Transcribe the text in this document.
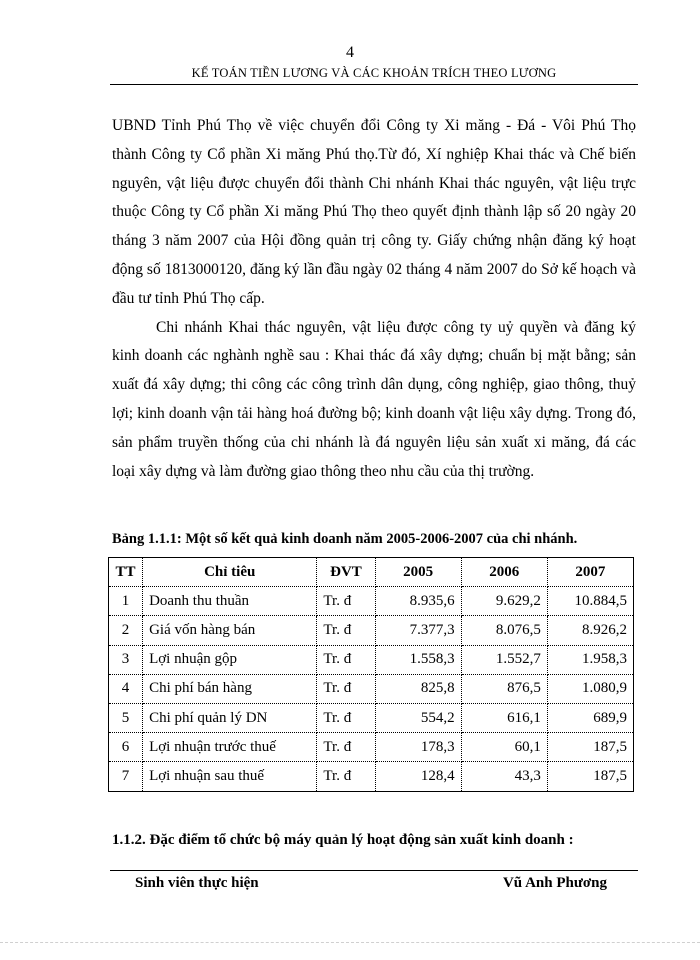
4
KẾ TOÁN TIỀN LƯƠNG VÀ CÁC KHOẢN TRÍCH THEO LƯƠNG

UBND Tỉnh Phú Thọ về việc chuyển đổi Công ty Xi măng - Đá - Vôi Phú Thọ thành Công ty Cổ phần Xi măng Phú thọ.Từ đó, Xí nghiệp Khai thác và Chế biến nguyên, vật liệu được chuyển đổi thành Chi nhánh Khai thác nguyên, vật liệu trực thuộc Công ty Cổ phần Xi măng Phú Thọ theo quyết định thành lập số 20 ngày 20 tháng 3 năm 2007 của Hội đồng quản trị công ty. Giấy chứng nhận đăng ký hoạt động số 1813000120, đăng ký lần đầu ngày 02 tháng 4 năm 2007 do Sở kế hoạch và đầu tư tỉnh Phú Thọ cấp.

Chi nhánh Khai thác nguyên, vật liệu được công ty uỷ quyền và đăng ký kinh doanh các nghành nghề sau : Khai thác đá xây dựng; chuẩn bị mặt bằng; sản xuất đá xây dựng; thi công các công trình dân dụng, công nghiệp, giao thông, thuỷ lợi; kinh doanh vận tải hàng hoá đường bộ; kinh doanh vật liệu xây dựng. Trong đó, sản phẩm truyền thống của chi nhánh là đá nguyên liệu sản xuất xi măng, đá các loại xây dựng và làm đường giao thông theo nhu cầu của thị trường.

Bảng 1.1.1: Một số kết quả kinh doanh năm 2005-2006-2007 của chi nhánh.
TT	Chỉ tiêu	ĐVT	2005	2006	2007
1	Doanh thu thuần	Tr. đ	8.935,6	9.629,2	10.884,5
2	Giá vốn hàng bán	Tr. đ	7.377,3	8.076,5	8.926,2
3	Lợi nhuận gộp	Tr. đ	1.558,3	1.552,7	1.958,3
4	Chi phí bán hàng	Tr. đ	825,8	876,5	1.080,9
5	Chi phí quản lý DN	Tr. đ	554,2	616,1	689,9
6	Lợi nhuận trước thuế	Tr. đ	178,3	60,1	187,5
7	Lợi nhuận sau thuế	Tr. đ	128,4	43,3	187,5
1.1.2. Đặc điểm tổ chức bộ máy quản lý hoạt động sản xuất kinh doanh :
Sinh viên thực hiện	Vũ Anh Phương
